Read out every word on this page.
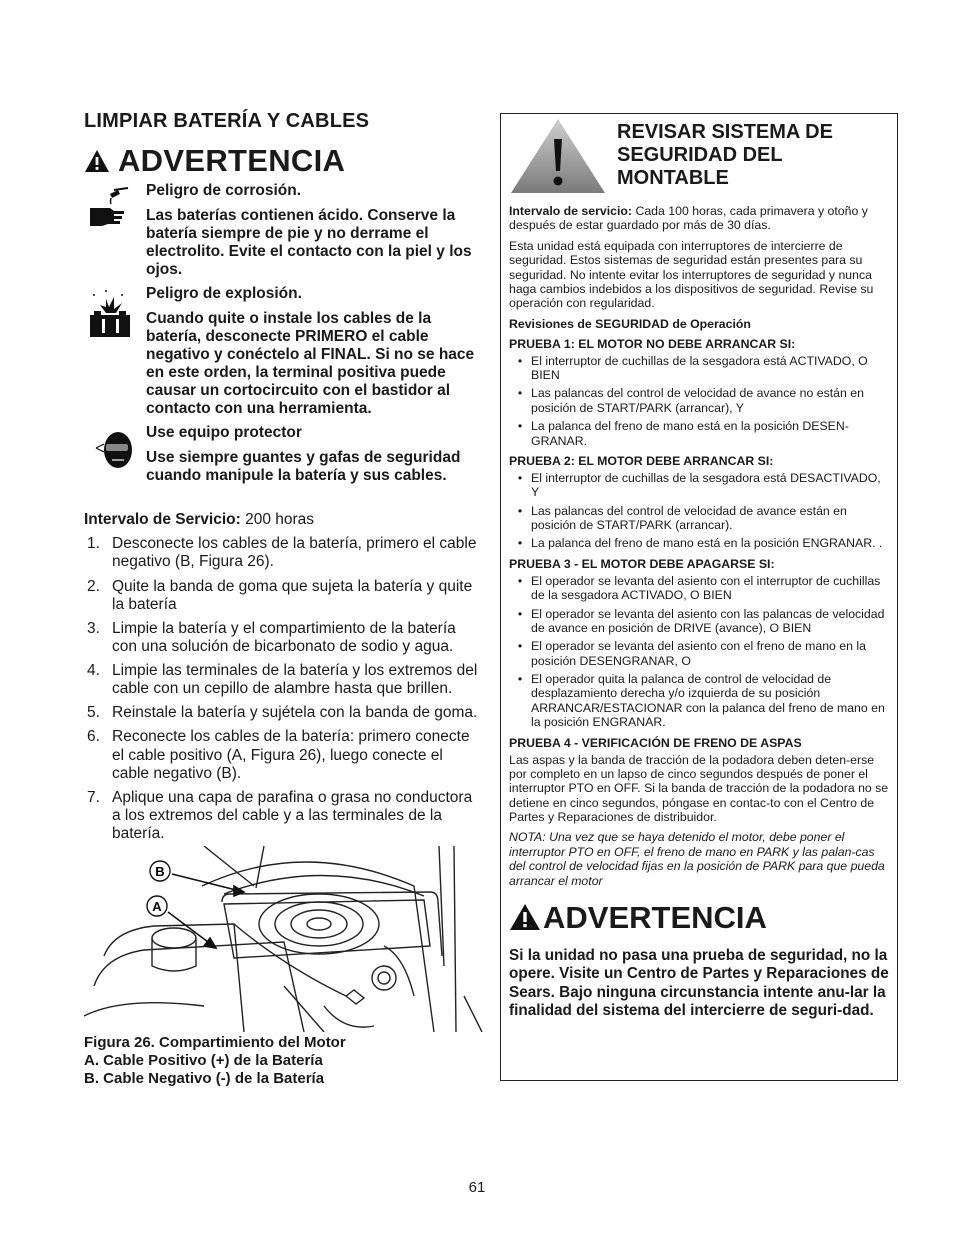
LIMPIAR BATERÍA Y CABLES
ADVERTENCIA
Peligro de corrosión.
Las baterías contienen ácido. Conserve la batería siempre de pie y no derrame el electrolito. Evite el contacto con la piel y los ojos.
Peligro de explosión.
Cuando quite o instale los cables de la batería, desconecte PRIMERO el cable negativo y conéctelo al FINAL. Si no se hace en este orden, la terminal positiva puede causar un cortocircuito con el bastidor al contacto con una herramienta.
Use equipo protector
Use siempre guantes y gafas de seguridad cuando manipule la batería y sus cables.
Intervalo de Servicio: 200 horas
1. Desconecte los cables de la batería, primero el cable negativo (B, Figura 26).
2. Quite la banda de goma que sujeta la batería y quite la batería
3. Limpie la batería y el compartimiento de la batería con una solución de bicarbonato de sodio y agua.
4. Limpie las terminales de la batería y los extremos del cable con un cepillo de alambre hasta que brillen.
5. Reinstale la batería y sujétela con la banda de goma.
6. Reconecte los cables de la batería: primero conecte el cable positivo (A, Figura 26), luego conecte el cable negativo (B).
7. Aplique una capa de parafina o grasa no conductora a los extremos del cable y a las terminales de la batería.
B
A
Figura 26. Compartimiento del Motor
A. Cable Positivo (+) de la Batería
B. Cable Negativo (-) de la Batería
REVISAR SISTEMA DE SEGURIDAD DEL MONTABLE

Intervalo de servicio: Cada 100 horas, cada primavera y otoño y después de estar guardado por más de 30 días.

Esta unidad está equipada con interruptores de intercierre de seguridad. Estos sistemas de seguridad están presentes para su seguridad. No intente evitar los interruptores de seguridad y nunca haga cambios indebidos a los dispositivos de seguridad. Revise su operación con regularidad.

Revisiones de SEGURIDAD de Operación
PRUEBA 1: EL MOTOR NO DEBE ARRANCAR SI:
• El interruptor de cuchillas de la sesgadora está ACTIVADO, O BIEN
• Las palancas del control de velocidad de avance no están en posición de START/PARK (arrancar), Y
• La palanca del freno de mano está en la posición DESEN-GRANAR.
PRUEBA 2: EL MOTOR DEBE ARRANCAR SI:
• El interruptor de cuchillas de la sesgadora está DESACTIVADO, Y
• Las palancas del control de velocidad de avance están en posición de START/PARK (arrancar).
• La palanca del freno de mano está en la posición ENGRANAR. .
PRUEBA 3 - EL MOTOR DEBE APAGARSE SI:
• El operador se levanta del asiento con el interruptor de cuchillas de la sesgadora ACTIVADO, O BIEN
• El operador se levanta del asiento con las palancas de velocidad de avance en posición de DRIVE (avance), O BIEN
• El operador se levanta del asiento con el freno de mano en la posición DESENGRANAR, O
• El operador quita la palanca de control de velocidad de desplazamiento derecha y/o izquierda de su posición ARRANCAR/ESTACIONAR con la palanca del freno de mano en la posición ENGRANAR.
PRUEBA 4 - VERIFICACIÓN DE FRENO DE ASPAS

Las aspas y la banda de tracción de la podadora deben deten-erse por completo en un lapso de cinco segundos después de poner el interruptor PTO en OFF. Si la banda de tracción de la podadora no se detiene en cinco segundos, póngase en contac-to con el Centro de Partes y Reparaciones de distribuidor.

NOTA: Una vez que se haya detenido el motor, debe poner el interruptor PTO en OFF, el freno de mano en PARK y las palan-cas del control de velocidad fijas en la posición de PARK para que pueda arrancar el motor

ADVERTENCIA
Si la unidad no pasa una prueba de seguridad, no la opere. Visite un Centro de Partes y Reparaciones de Sears. Bajo ninguna circunstancia intente anu-lar la finalidad del sistema del intercierre de seguri-dad.
61
